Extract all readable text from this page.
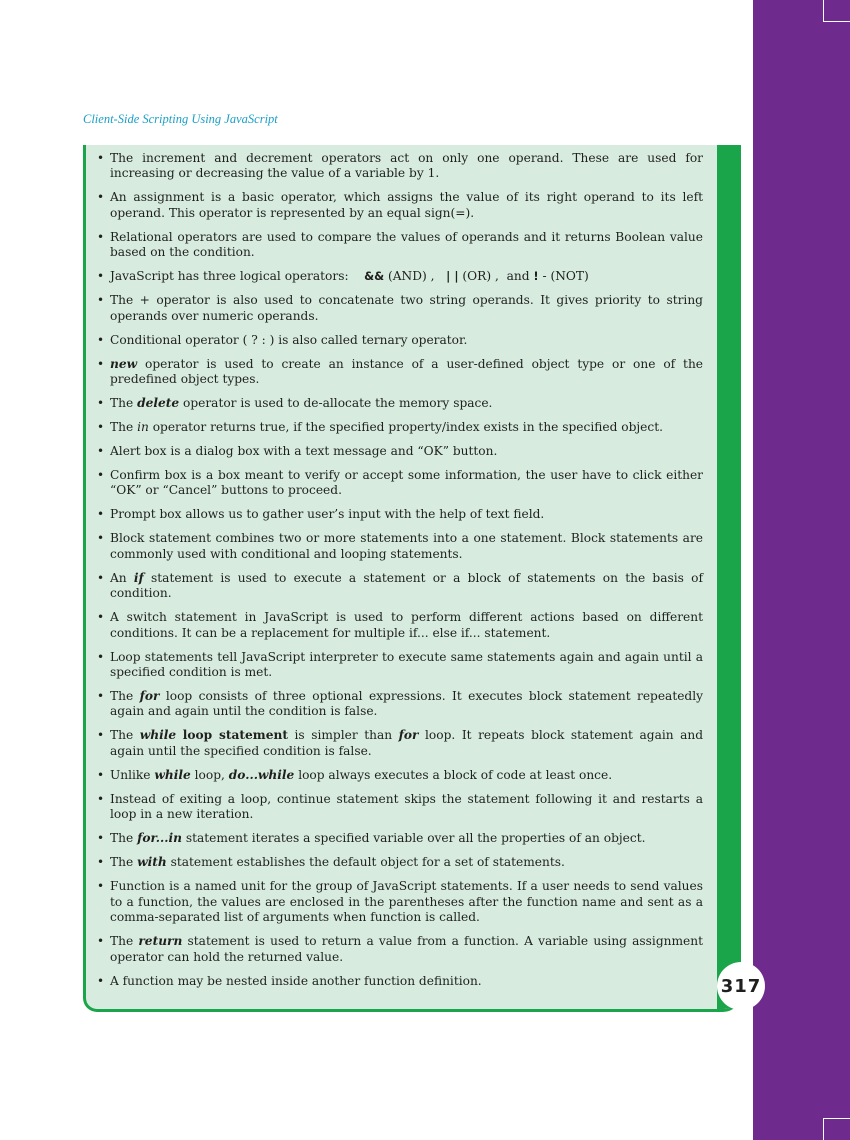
Client-Side Scripting Using JavaScript
• The increment and decrement operators act on only one operand. These are used for increasing or decreasing the value of a variable by 1.
• An assignment is a basic operator, which assigns the value of its right operand to its left operand. This operator is represented by an equal sign(=).
• Relational operators are used to compare the values of operands and it returns Boolean value based on the condition.
• JavaScript has three logical operators: && (AND) , | | (OR) , and ! - (NOT)
• The + operator is also used to concatenate two string operands. It gives priority to string operands over numeric operands.
• Conditional operator ( ? : ) is also called ternary operator.
• new operator is used to create an instance of a user-defined object type or one of the predefined object types.
• The delete operator is used to de-allocate the memory space.
• The in operator returns true, if the specified property/index exists in the specified object.
• Alert box is a dialog box with a text message and “OK” button.
• Confirm box is a box meant to verify or accept some information, the user have to click either “OK” or “Cancel” buttons to proceed.
• Prompt box allows us to gather user’s input with the help of text field.
• Block statement combines two or more statements into a one statement. Block statements are commonly used with conditional and looping statements.
• An if statement is used to execute a statement or a block of statements on the basis of condition.
• A switch statement in JavaScript is used to perform different actions based on different conditions. It can be a replacement for multiple if... else if... statement.
• Loop statements tell JavaScript interpreter to execute same statements again and again until a specified condition is met.
• The for loop consists of three optional expressions. It executes block statement repeatedly again and again until the condition is false.
• The while loop statement is simpler than for loop. It repeats block statement again and again until the specified condition is false.
• Unlike while loop, do...while loop always executes a block of code at least once.
• Instead of exiting a loop, continue statement skips the statement following it and restarts a loop in a new iteration.
• The for...in statement iterates a specified variable over all the properties of an object.
• The with statement establishes the default object for a set of statements.
• Function is a named unit for the group of JavaScript statements. If a user needs to send values to a function, the values are enclosed in the parentheses after the function name and sent as a comma-separated list of arguments when function is called.
• The return statement is used to return a value from a function. A variable using assignment operator can hold the returned value.
• A function may be nested inside another function definition.	317
